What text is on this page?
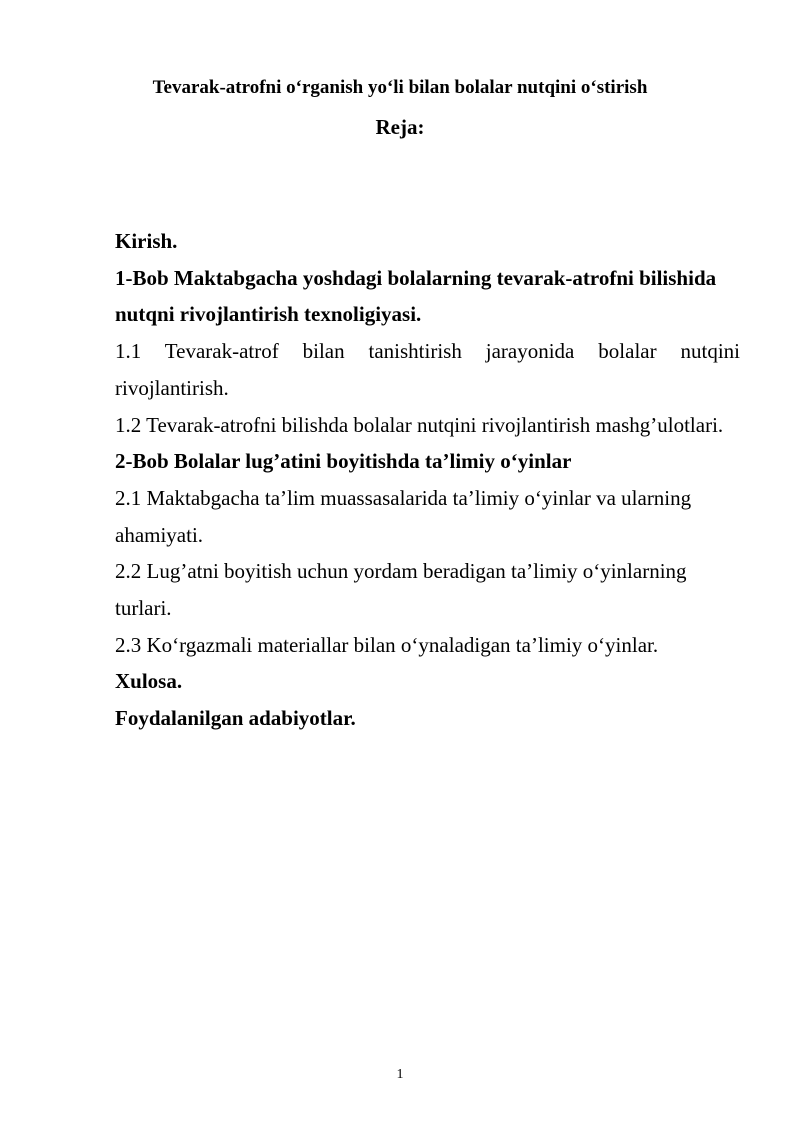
Tevarak-atrofni o‘rganish yo‘li bilan bolalar nutqini o‘stirish
Reja:
Kirish.
1-Bob Maktabgacha yoshdagi bolalarning tevarak-atrofni bilishida
nutqni rivojlantirish texnoligiyasi.
1.1 Tevarak-atrof bilan tanishtirish jarayonida bolalar nutqini
rivojlantirish.
1.2 Tevarak-atrofni bilishda bolalar nutqini rivojlantirish mashg’ulotlari.
2-Bob Bolalar lug’atini boyitishda ta’limiy o‘yinlar
2.1 Maktabgacha ta’lim muassasalarida ta’limiy o‘yinlar va ularning
ahamiyati.
2.2 Lug’atni boyitish uchun yordam beradigan ta’limiy o‘yinlarning
turlari.
2.3 Ko‘rgazmali materiallar bilan o‘ynaladigan ta’limiy o‘yinlar.
Xulosa.
Foydalanilgan adabiyotlar.
1
